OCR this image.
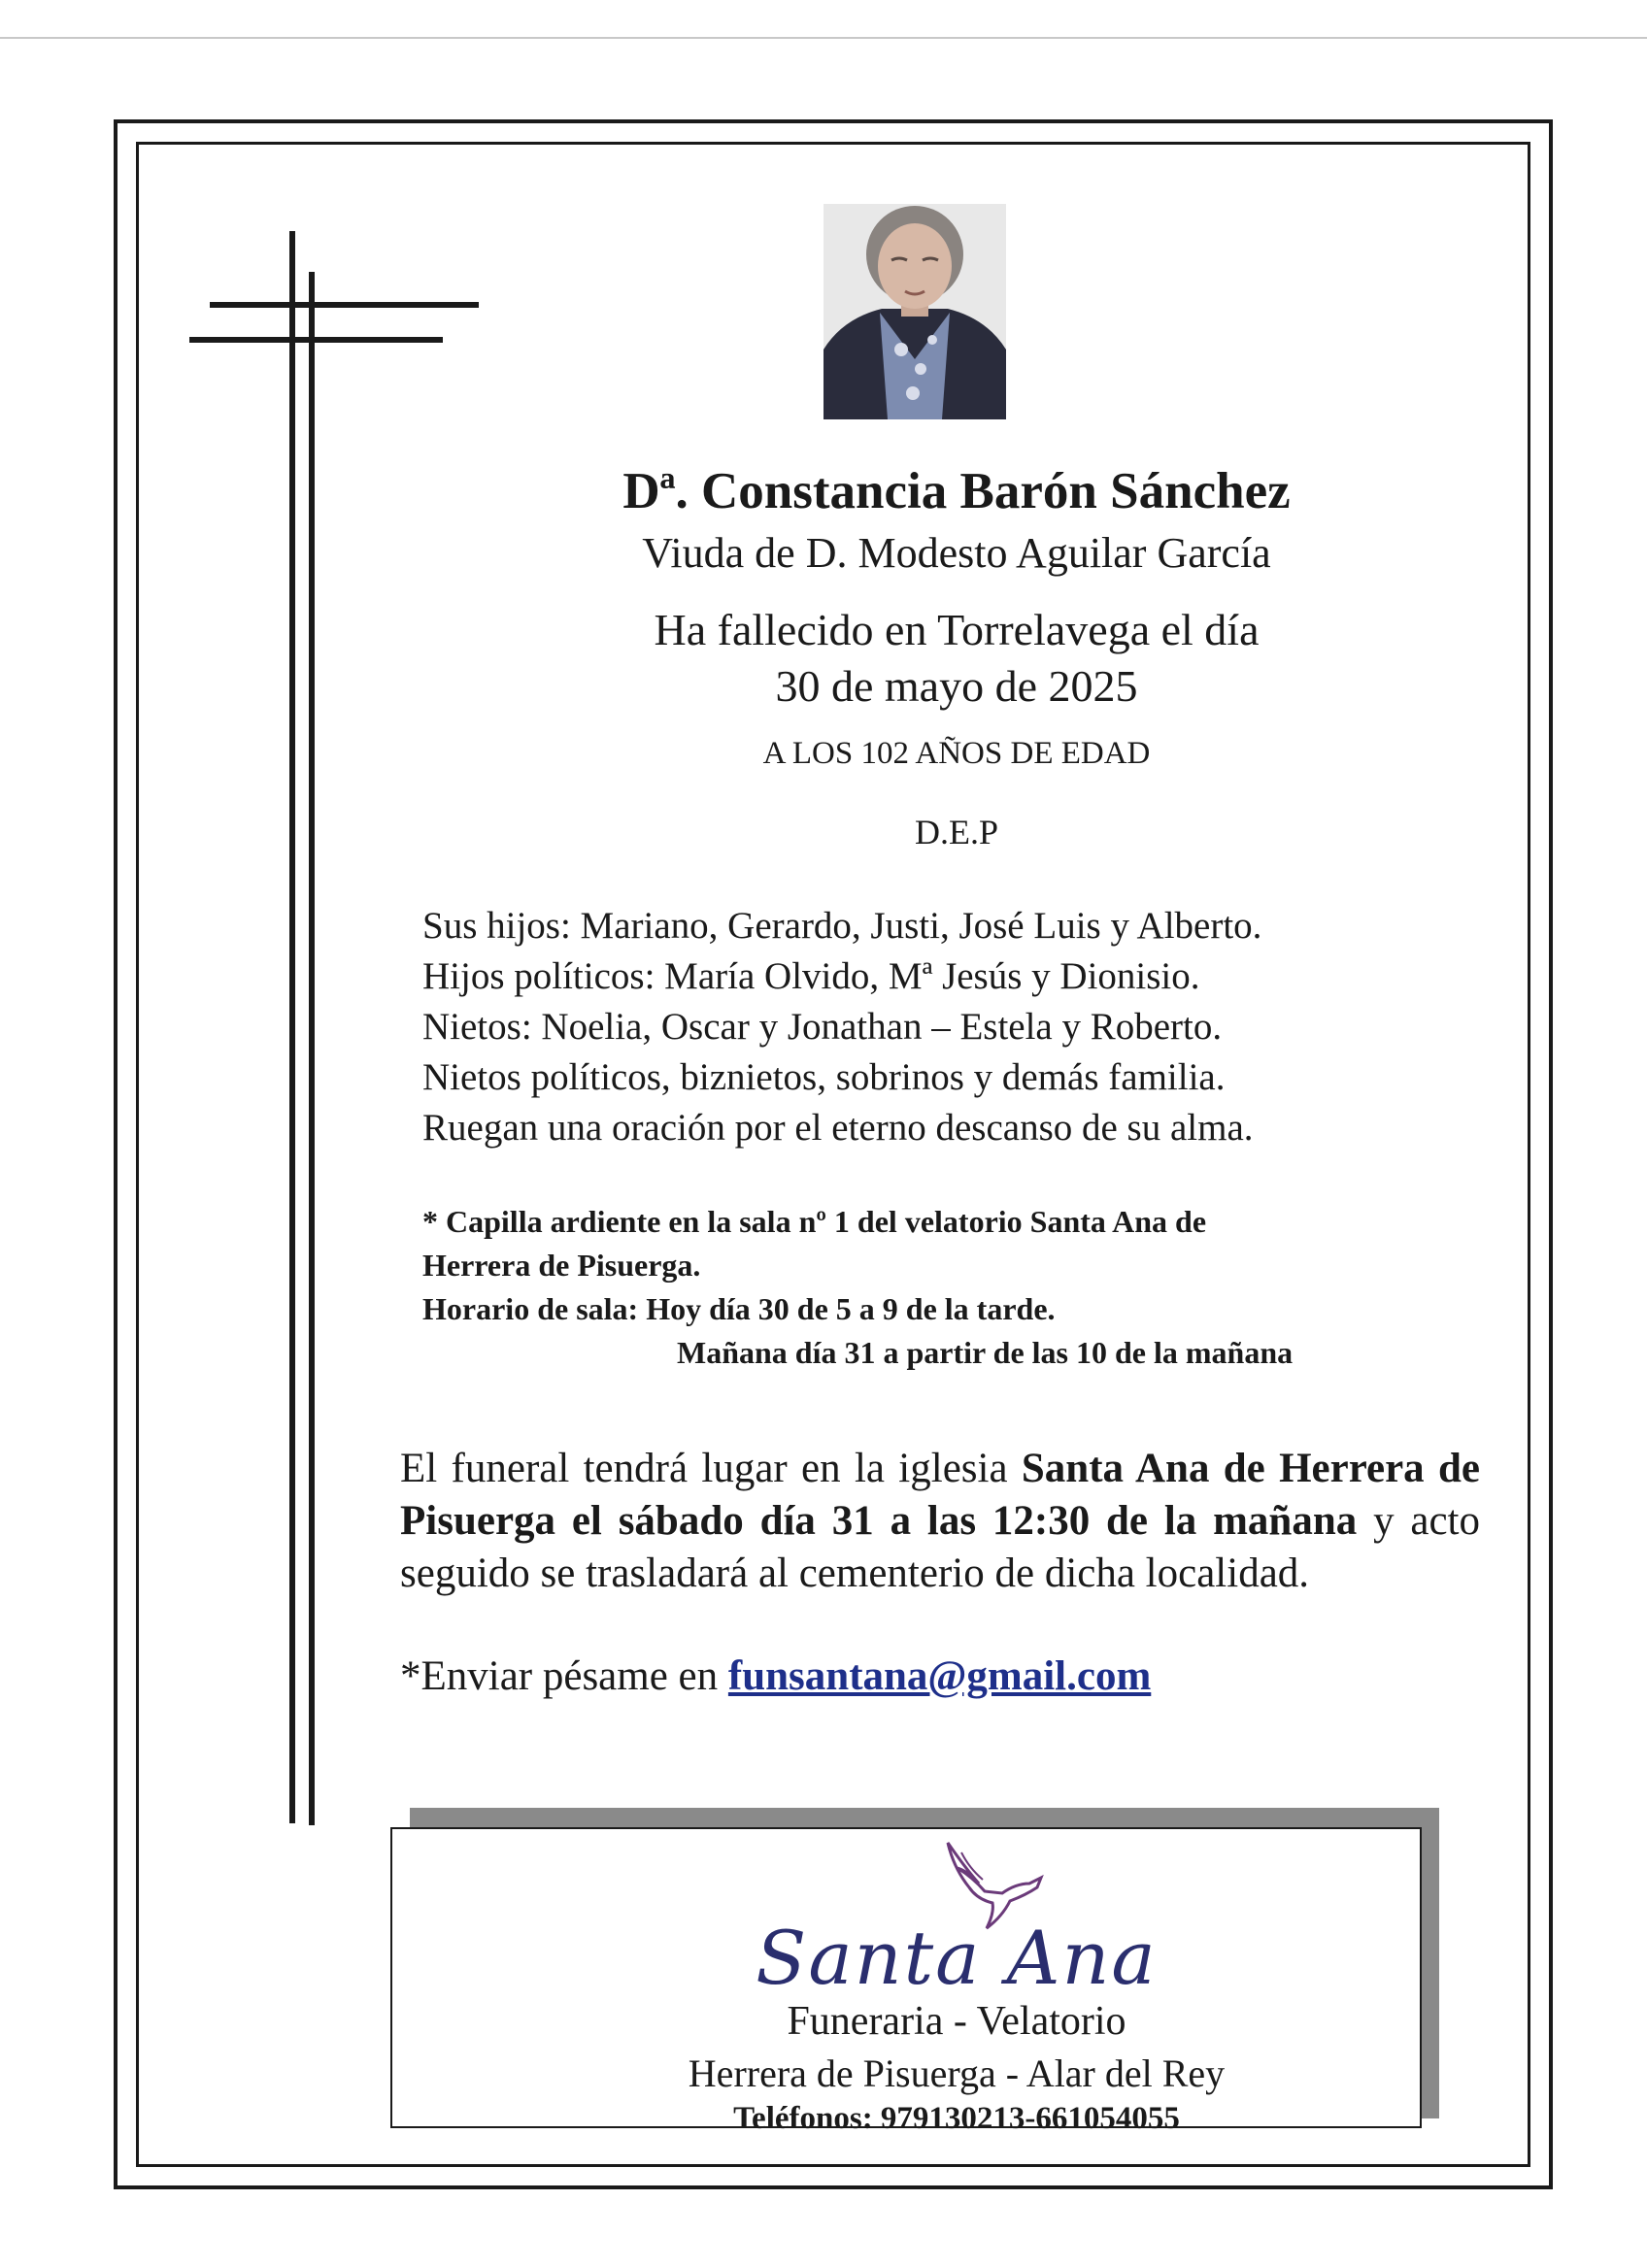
Dª. Constancia Barón Sánchez
Viuda de D. Modesto Aguilar García
Ha fallecido en Torrelavega el día
30 de mayo de 2025
A LOS 102 AÑOS DE EDAD
D.E.P
Sus hijos: Mariano, Gerardo, Justi, José Luis y Alberto.
Hijos políticos: María Olvido, Mª Jesús y Dionisio.
Nietos: Noelia, Oscar y Jonathan – Estela y Roberto.
Nietos políticos, biznietos, sobrinos y demás familia.
Ruegan una oración por el eterno descanso de su alma.
* Capilla ardiente en la sala nº 1 del velatorio Santa Ana de
Herrera de Pisuerga.
Horario de sala: Hoy día 30 de 5 a 9 de la tarde.
Mañana día 31 a partir de las 10 de la mañana
El funeral tendrá lugar en la iglesia Santa Ana de Herrera de Pisuerga el sábado día 31 a las 12:30 de la mañana y acto seguido se trasladará al cementerio de dicha localidad.
*Enviar pésame en funsantana@gmail.com
Santa Ana
Funeraria - Velatorio
Herrera de Pisuerga - Alar del Rey
Teléfonos: 979130213-661054055
